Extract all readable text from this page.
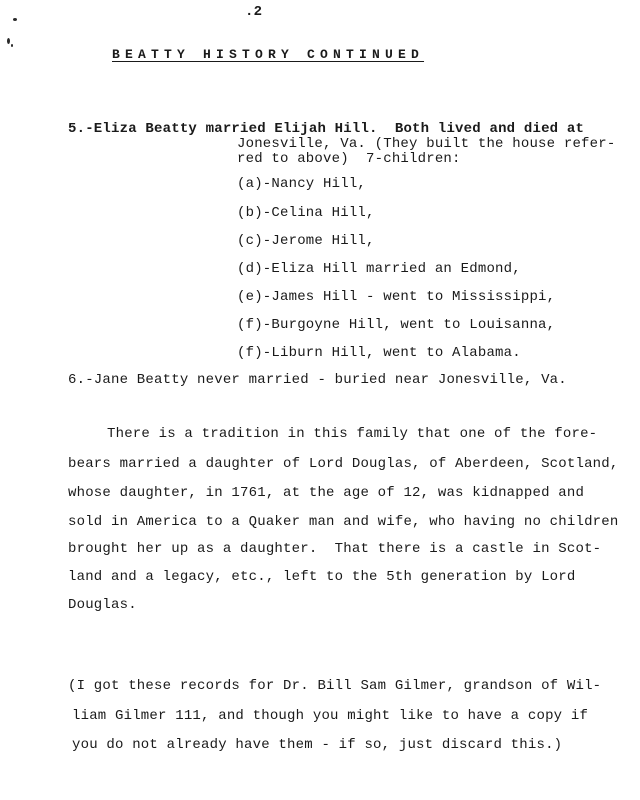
.2
BEATTY HISTORY CONTINUED
5.-Eliza Beatty married Elijah Hill.  Both lived and died at
Jonesville, Va. (They built the house refer-
red to above)  7-children:
(a)-Nancy Hill,
(b)-Celina Hill,
(c)-Jerome Hill,
(d)-Eliza Hill married an Edmond,
(e)-James Hill - went to Mississippi,
(f)-Burgoyne Hill, went to Louisanna,
(f)-Liburn Hill, went to Alabama.
6.-Jane Beatty never married - buried near Jonesville, Va.
There is a tradition in this family that one of the fore-
bears married a daughter of Lord Douglas, of Aberdeen, Scotland,
whose daughter, in 1761, at the age of 12, was kidnapped and
sold in America to a Quaker man and wife, who having no children
brought her up as a daughter.  That there is a castle in Scot-
land and a legacy, etc., left to the 5th generation by Lord
Douglas.
(I got these records for Dr. Bill Sam Gilmer, grandson of Wil-
liam Gilmer 111, and though you might like to have a copy if
you do not already have them - if so, just discard this.)
